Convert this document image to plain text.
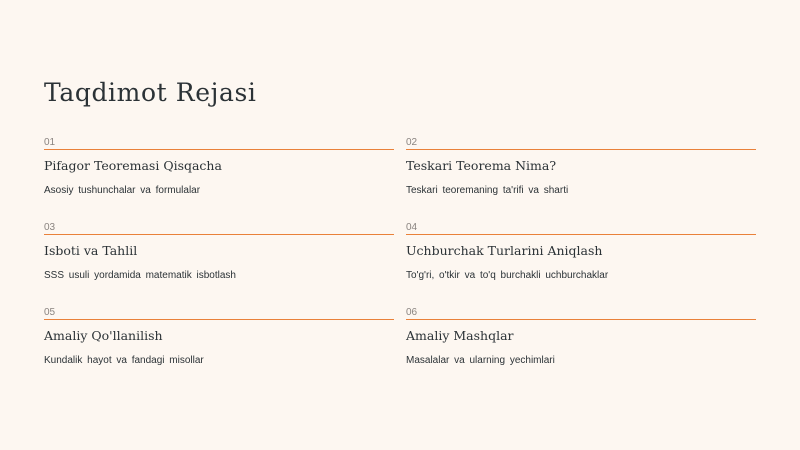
Taqdimot Rejasi
01
Pifagor Teoremasi Qisqacha
Asosiy tushunchalar va formulalar
02
Teskari Teorema Nima?
Teskari teoremaning ta'rifi va sharti
03
Isboti va Tahlil
SSS usuli yordamida matematik isbotlash
04
Uchburchak Turlarini Aniqlash
To'g'ri, o'tkir va to'q burchakli uchburchaklar
05
Amaliy Qo'llanilish
Kundalik hayot va fandagi misollar
06
Amaliy Mashqlar
Masalalar va ularning yechimlari
